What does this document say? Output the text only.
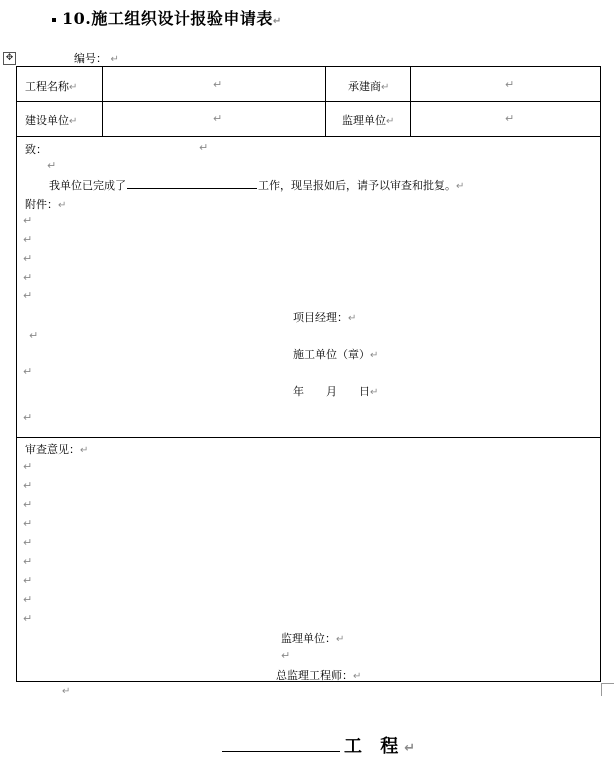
10.施工组织设计报验申请表↵
✥	编号： ↵
工程名称↵	↵	承建商↵	↵
建设单位↵	↵	监理单位↵	↵
致：	↵
↵
我单位已完成了	工作，现呈报如后，请予以审查和批复。↵
附件：↵
↵
↵
↵
↵
↵
项目经理：↵
↵
施工单位（章）↵
↵
年 月 日↵
↵
审查意见：↵
↵
↵
↵
↵
↵
↵
↵
↵
↵
监理单位：↵
↵
总监理工程师：↵
↵
工 程↵
